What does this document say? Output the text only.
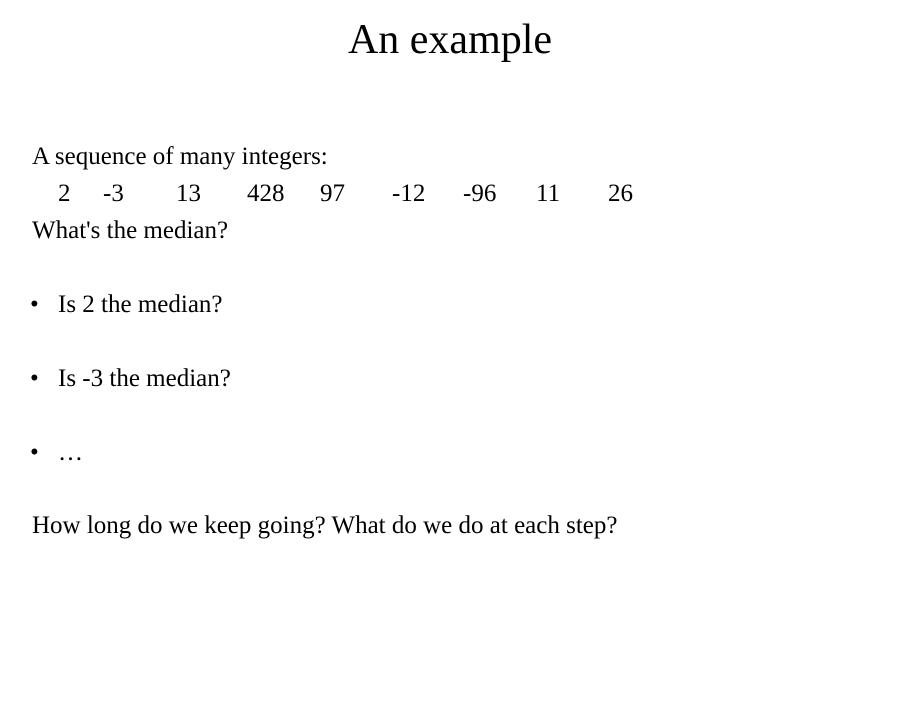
An example
A sequence of many integers:
2 -3 13 428 97 -12 -96 11 26
What's the median?
• Is 2 the median?
• Is -3 the median?
• …
How long do we keep going? What do we do at each step?
